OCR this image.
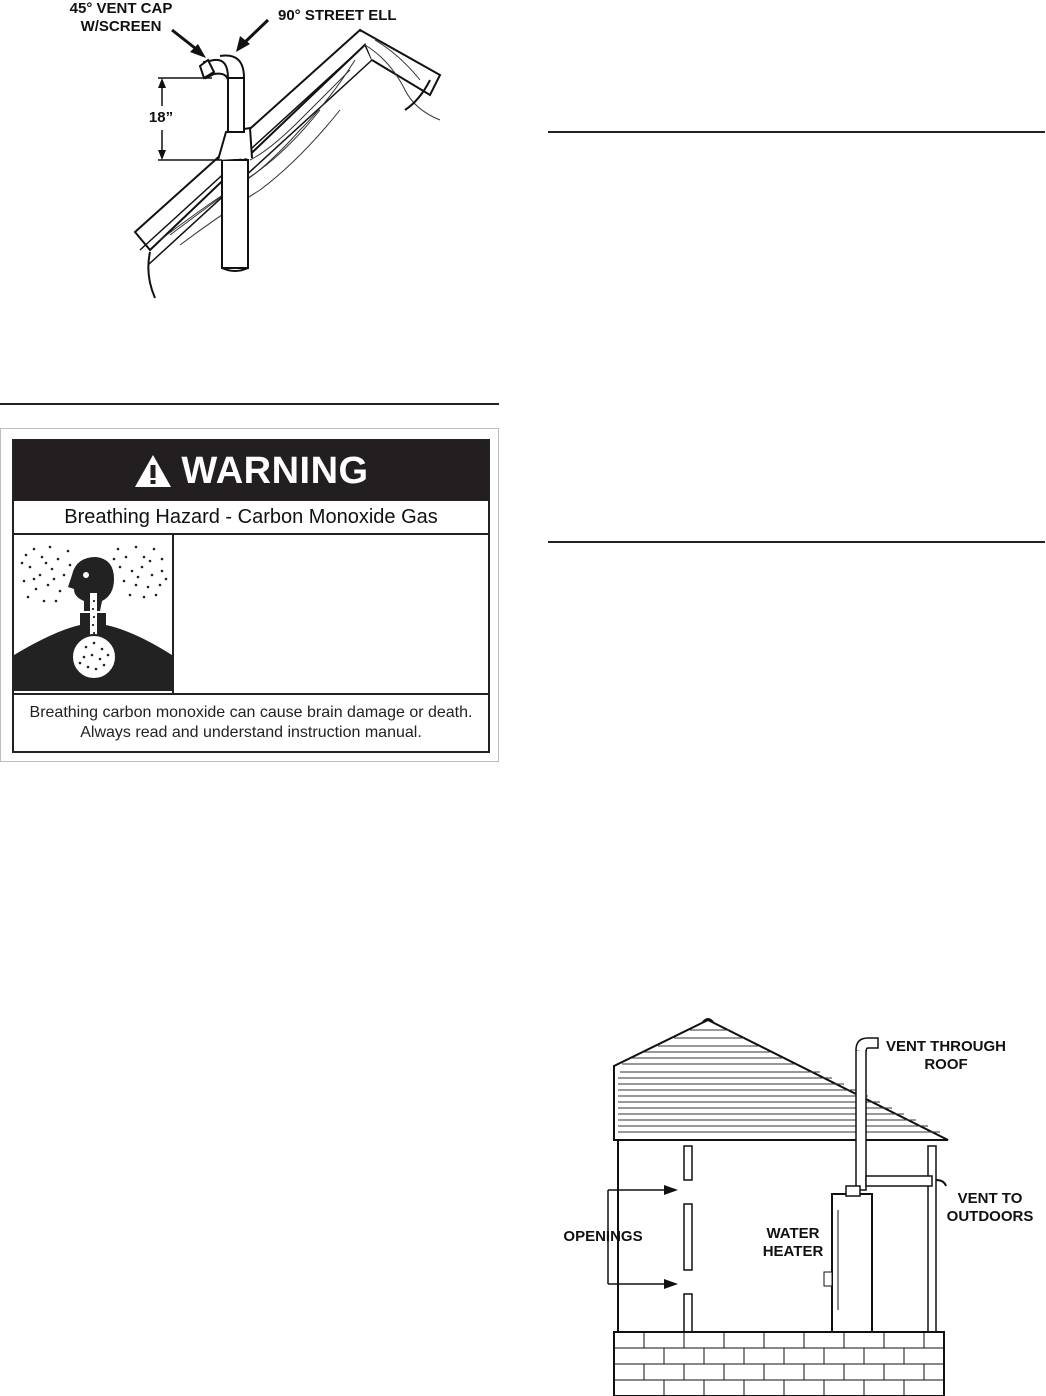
45° VENT CAP W/SCREEN
90° STREET ELL
18”
WARNING
Breathing Hazard - Carbon Monoxide Gas
Breathing carbon monoxide can cause brain damage or death. Always read and understand instruction manual.
VENT THROUGH ROOF
VENT TO OUTDOORS
OPENINGS	WATER HEATER
